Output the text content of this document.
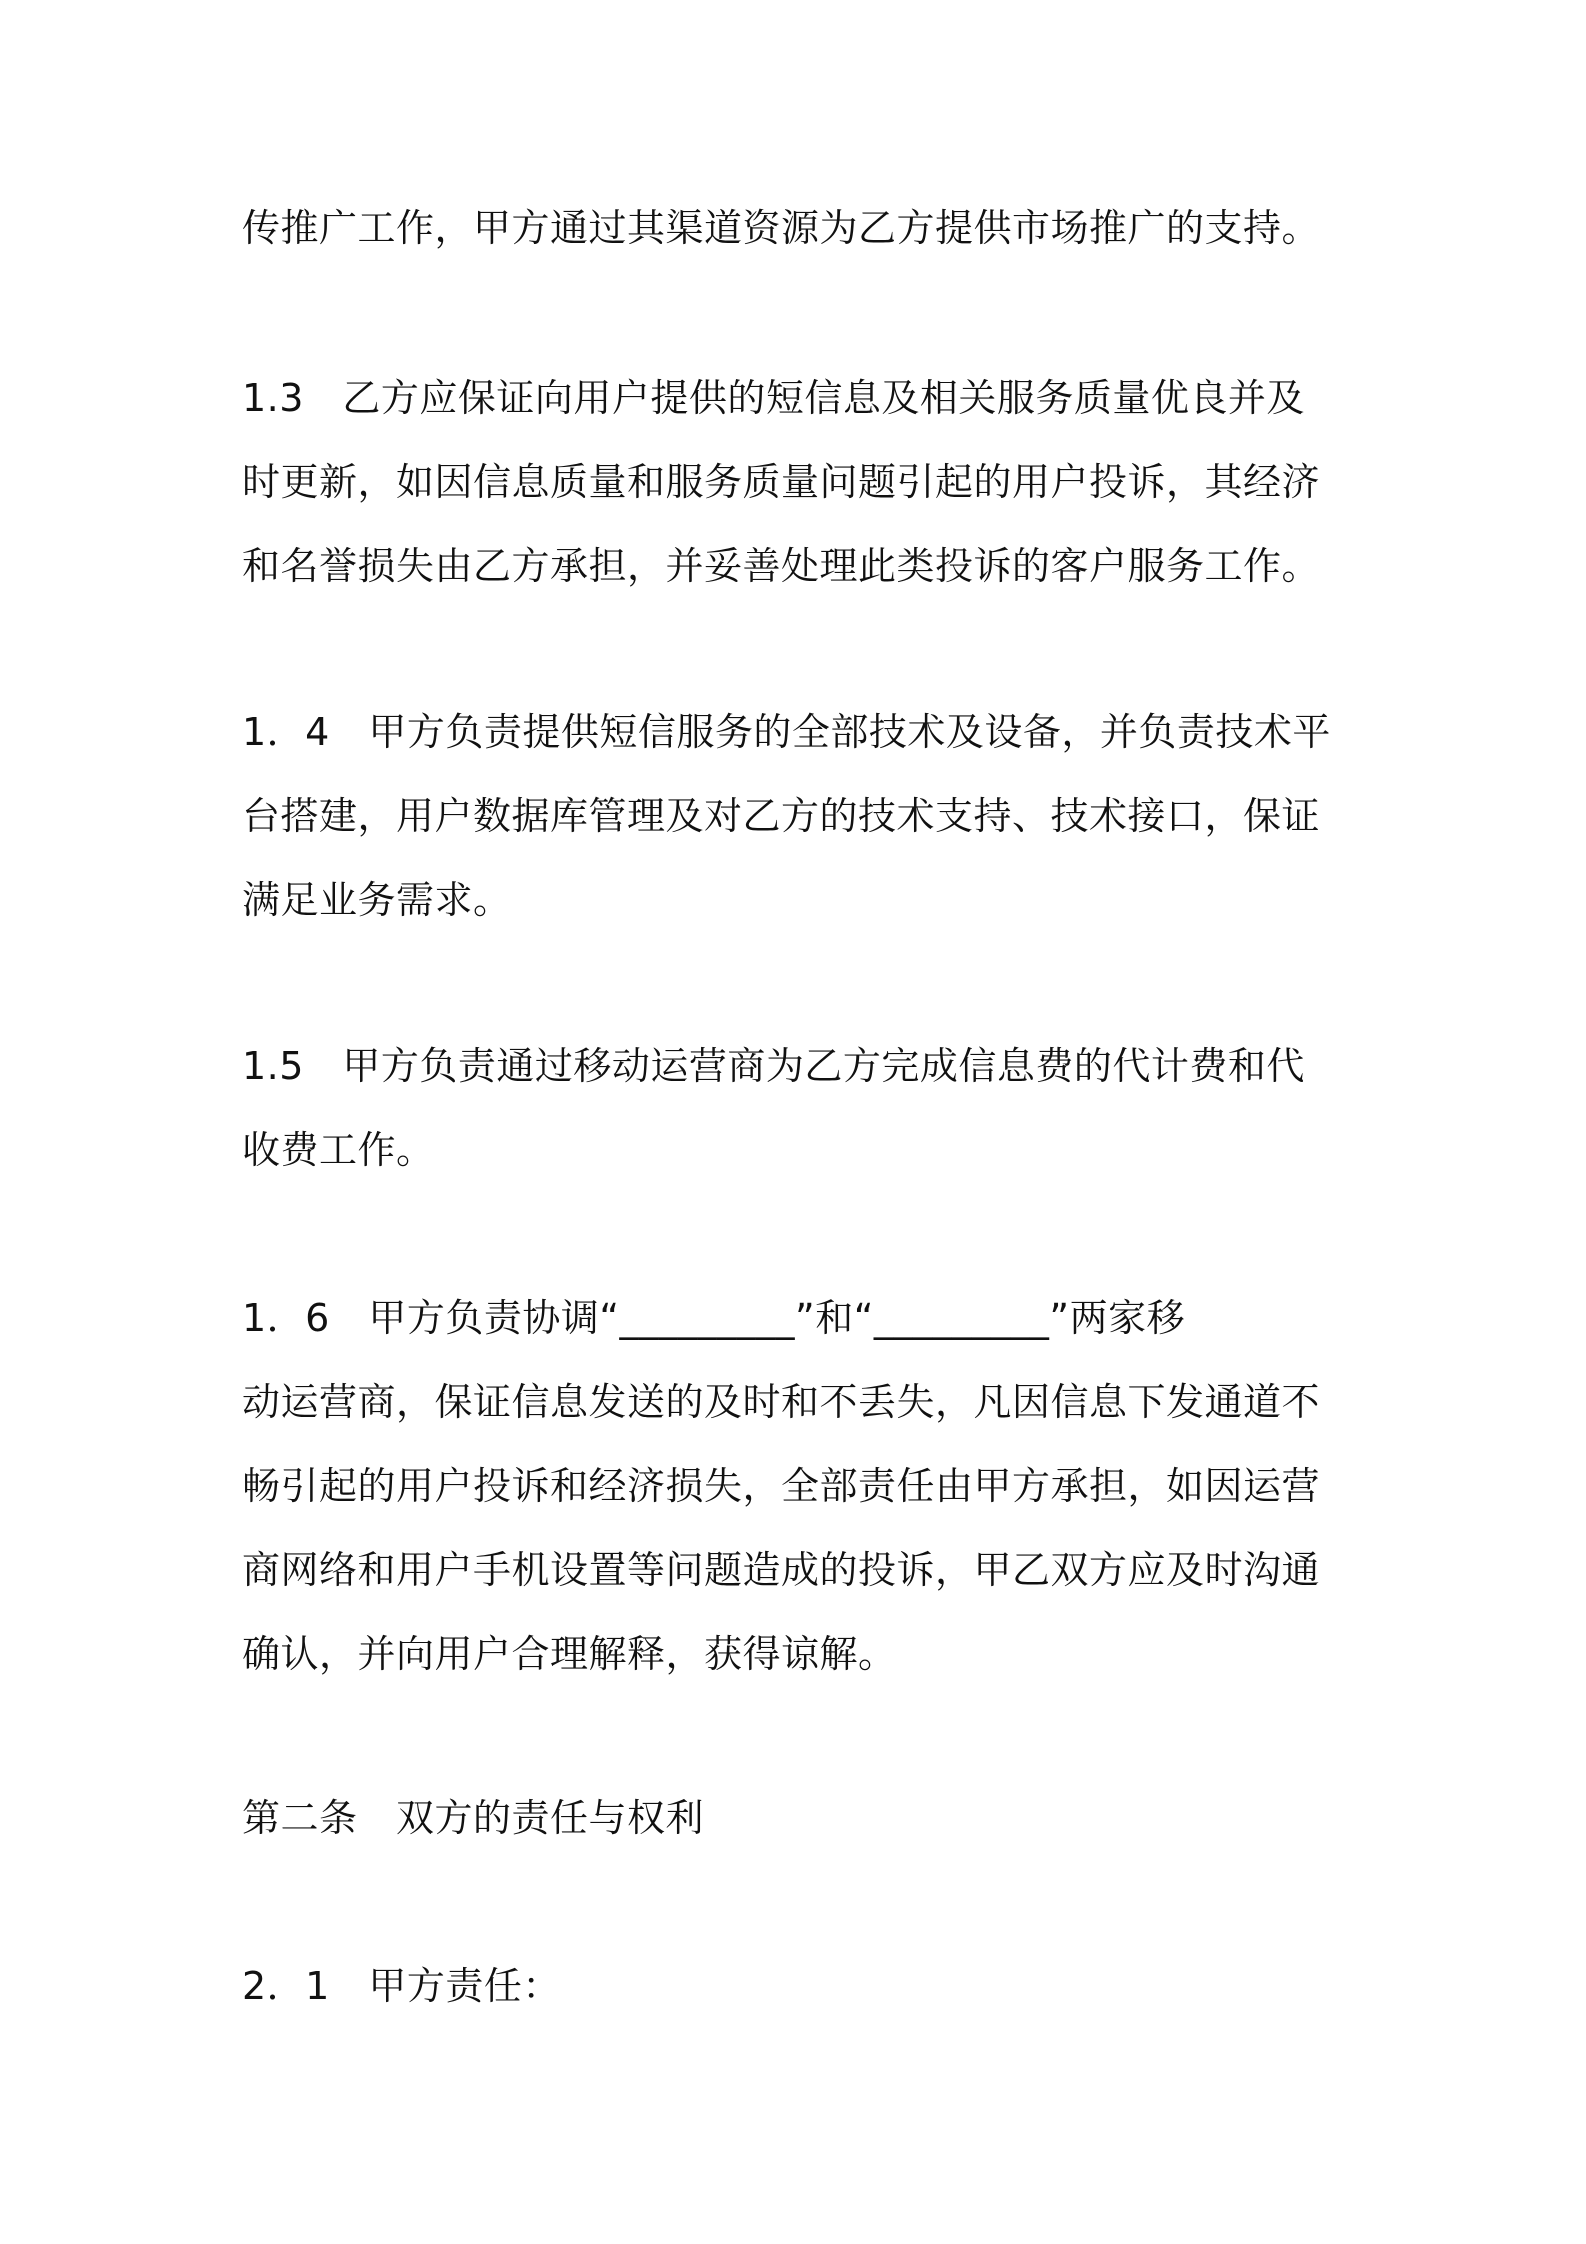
传推广工作，甲方通过其渠道资源为乙方提供市场推广的支持。

1.3　乙方应保证向用户提供的短信息及相关服务质量优良并及
时更新，如因信息质量和服务质量问题引起的用户投诉，其经济
和名誉损失由乙方承担，并妥善处理此类投诉的客户服务工作。

1．4　甲方负责提供短信服务的全部技术及设备，并负责技术平
台搭建，用户数据库管理及对乙方的技术支持、技术接口，保证
满足业务需求。

1.5　甲方负责通过移动运营商为乙方完成信息费的代计费和代
收费工作。

1．6　甲方负责协调“_________”和“_________”两家移
动运营商，保证信息发送的及时和不丢失，凡因信息下发通道不
畅引起的用户投诉和经济损失，全部责任由甲方承担，如因运营
商网络和用户手机设置等问题造成的投诉，甲乙双方应及时沟通
确认，并向用户合理解释，获得谅解。

第二条　双方的责任与权利

2．1　甲方责任：
